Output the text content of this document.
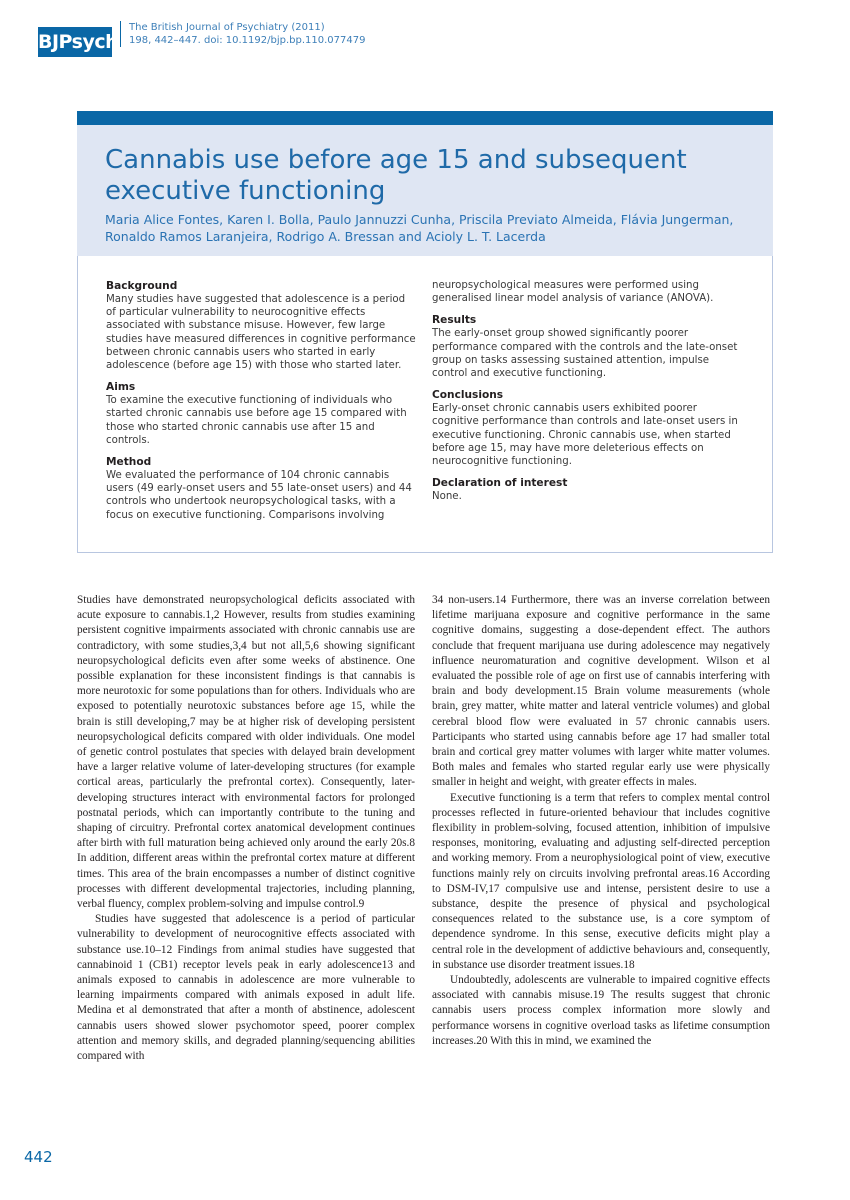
BJPsych
The British Journal of Psychiatry (2011)
198, 442–447. doi: 10.1192/bjp.bp.110.077479
Cannabis use before age 15 and subsequent executive functioning
Maria Alice Fontes, Karen I. Bolla, Paulo Jannuzzi Cunha, Priscila Previato Almeida, Flávia Jungerman, Ronaldo Ramos Laranjeira, Rodrigo A. Bressan and Acioly L. T. Lacerda

Background

Many studies have suggested that adolescence is a period of particular vulnerability to neurocognitive effects associated with substance misuse. However, few large studies have measured differences in cognitive performance between chronic cannabis users who started in early adolescence (before age 15) with those who started later.

Aims

To examine the executive functioning of individuals who started chronic cannabis use before age 15 compared with those who started chronic cannabis use after 15 and controls.

Method

We evaluated the performance of 104 chronic cannabis users (49 early-onset users and 55 late-onset users) and 44 controls who undertook neuropsychological tasks, with a focus on executive functioning. Comparisons involving

neuropsychological measures were performed using generalised linear model analysis of variance (ANOVA).

Results

The early-onset group showed significantly poorer performance compared with the controls and the late-onset group on tasks assessing sustained attention, impulse control and executive functioning.

Conclusions

Early-onset chronic cannabis users exhibited poorer cognitive performance than controls and late-onset users in executive functioning. Chronic cannabis use, when started before age 15, may have more deleterious effects on neurocognitive functioning.

Declaration of interest

None.

Studies have demonstrated neuropsychological deficits associated with acute exposure to cannabis.1,2 However, results from studies examining persistent cognitive impairments associated with chronic cannabis use are contradictory, with some studies,3,4 but not all,5,6 showing significant neuropsychological deficits even after some weeks of abstinence. One possible explanation for these inconsistent findings is that cannabis is more neurotoxic for some populations than for others. Individuals who are exposed to potentially neurotoxic substances before age 15, while the brain is still developing,7 may be at higher risk of developing persistent neuropsychological deficits compared with older individuals. One model of genetic control postulates that species with delayed brain development have a larger relative volume of later-developing structures (for example cortical areas, particularly the prefrontal cortex). Consequently, later-developing structures interact with environmental factors for prolonged postnatal periods, which can importantly contribute to the tuning and shaping of circuitry. Prefrontal cortex anatomical development continues after birth with full maturation being achieved only around the early 20s.8 In addition, different areas within the prefrontal cortex mature at different times. This area of the brain encompasses a number of distinct cognitive processes with different developmental trajectories, including planning, verbal fluency, complex problem-solving and impulse control.9

Studies have suggested that adolescence is a period of particular vulnerability to development of neurocognitive effects associated with substance use.10–12 Findings from animal studies have suggested that cannabinoid 1 (CB1) receptor levels peak in early adolescence13 and animals exposed to cannabis in adolescence are more vulnerable to learning impairments compared with animals exposed in adult life. Medina et al demonstrated that after a month of abstinence, adolescent cannabis users showed slower psychomotor speed, poorer complex attention and memory skills, and degraded planning/sequencing abilities compared with

34 non-users.14 Furthermore, there was an inverse correlation between lifetime marijuana exposure and cognitive performance in the same cognitive domains, suggesting a dose-dependent effect. The authors conclude that frequent marijuana use during adolescence may negatively influence neuromaturation and cognitive development. Wilson et al evaluated the possible role of age on first use of cannabis interfering with brain and body development.15 Brain volume measurements (whole brain, grey matter, white matter and lateral ventricle volumes) and global cerebral blood flow were evaluated in 57 chronic cannabis users. Participants who started using cannabis before age 17 had smaller total brain and cortical grey matter volumes with larger white matter volumes. Both males and females who started regular early use were physically smaller in height and weight, with greater effects in males.

Executive functioning is a term that refers to complex mental control processes reflected in future-oriented behaviour that includes cognitive flexibility in problem-solving, focused attention, inhibition of impulsive responses, monitoring, evaluating and adjusting self-directed perception and working memory. From a neurophysiological point of view, executive functions mainly rely on circuits involving prefrontal areas.16 According to DSM-IV,17 compulsive use and intense, persistent desire to use a substance, despite the presence of physical and psychological consequences related to the substance use, is a core symptom of dependence syndrome. In this sense, executive deficits might play a central role in the development of addictive behaviours and, consequently, in substance use disorder treatment issues.18

Undoubtedly, adolescents are vulnerable to impaired cognitive effects associated with cannabis misuse.19 The results suggest that chronic cannabis users process complex information more slowly and performance worsens in cognitive overload tasks as lifetime consumption increases.20 With this in mind, we examined the

442
